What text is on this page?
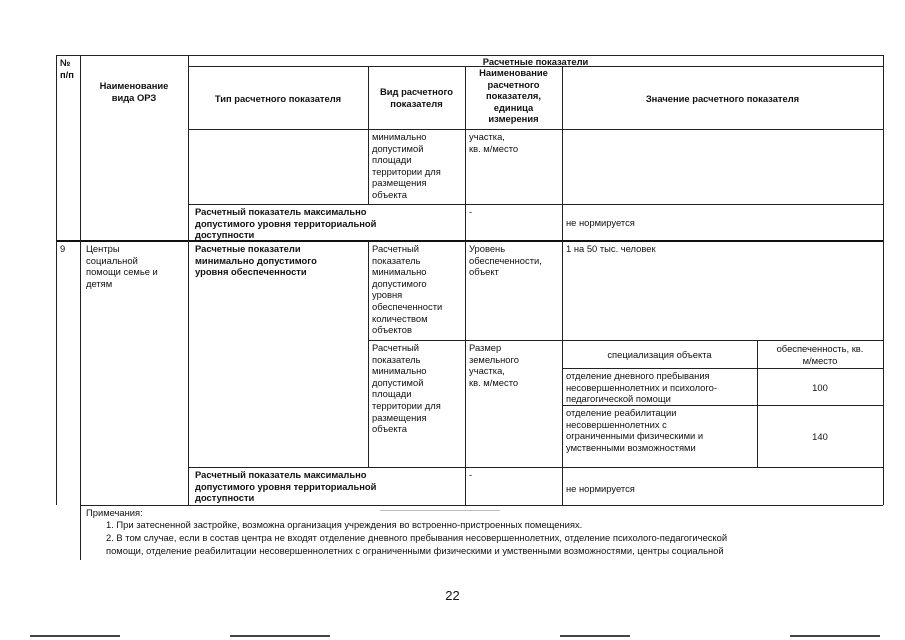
№
п/п
Наименование
вида ОРЗ
Расчетные показатели
Тип расчетного показателя
Вид расчетного
показателя
Наименование
расчетного
показателя,
единица
измерения
Значение расчетного показателя
минимально
допустимой
площади
территории для
размещения
объекта
участка,
кв. м/место
Расчетный показатель максимально
допустимого уровня территориальной
доступности
-
не нормируется
9 Центры
социальной
помощи семье и
детям
Расчетные показатели
минимально допустимого
уровня обеспеченности
Расчетный
показатель
минимально
допустимого
уровня
обеспеченности
количеством
объектов
Уровень
обеспеченности,
объект
1 на 50 тыс. человек
Расчетный
показатель
минимально
допустимой
площади
территории для
размещения
объекта
Размер
земельного
участка,
кв. м/место
специализация объекта
обеспеченность, кв.
м/место
отделение дневного пребывания
несовершеннолетних и психолого-
педагогической помощи
100
отделение реабилитации
несовершеннолетних с
ограниченными физическими и
умственными возможностями
140
Расчетный показатель максимально
допустимого уровня территориальной
доступности
-
не нормируется
Примечания:
1. При затесненной застройке, возможна организация учреждения во встроенно-пристроенных помещениях.
2. В том случае, если в состав центра не входят отделение дневного пребывания несовершеннолетних, отделение психолого-педагогической
помощи, отделение реабилитации несовершеннолетних с ограниченными физическими и умственными возможностями, центры социальной
22
